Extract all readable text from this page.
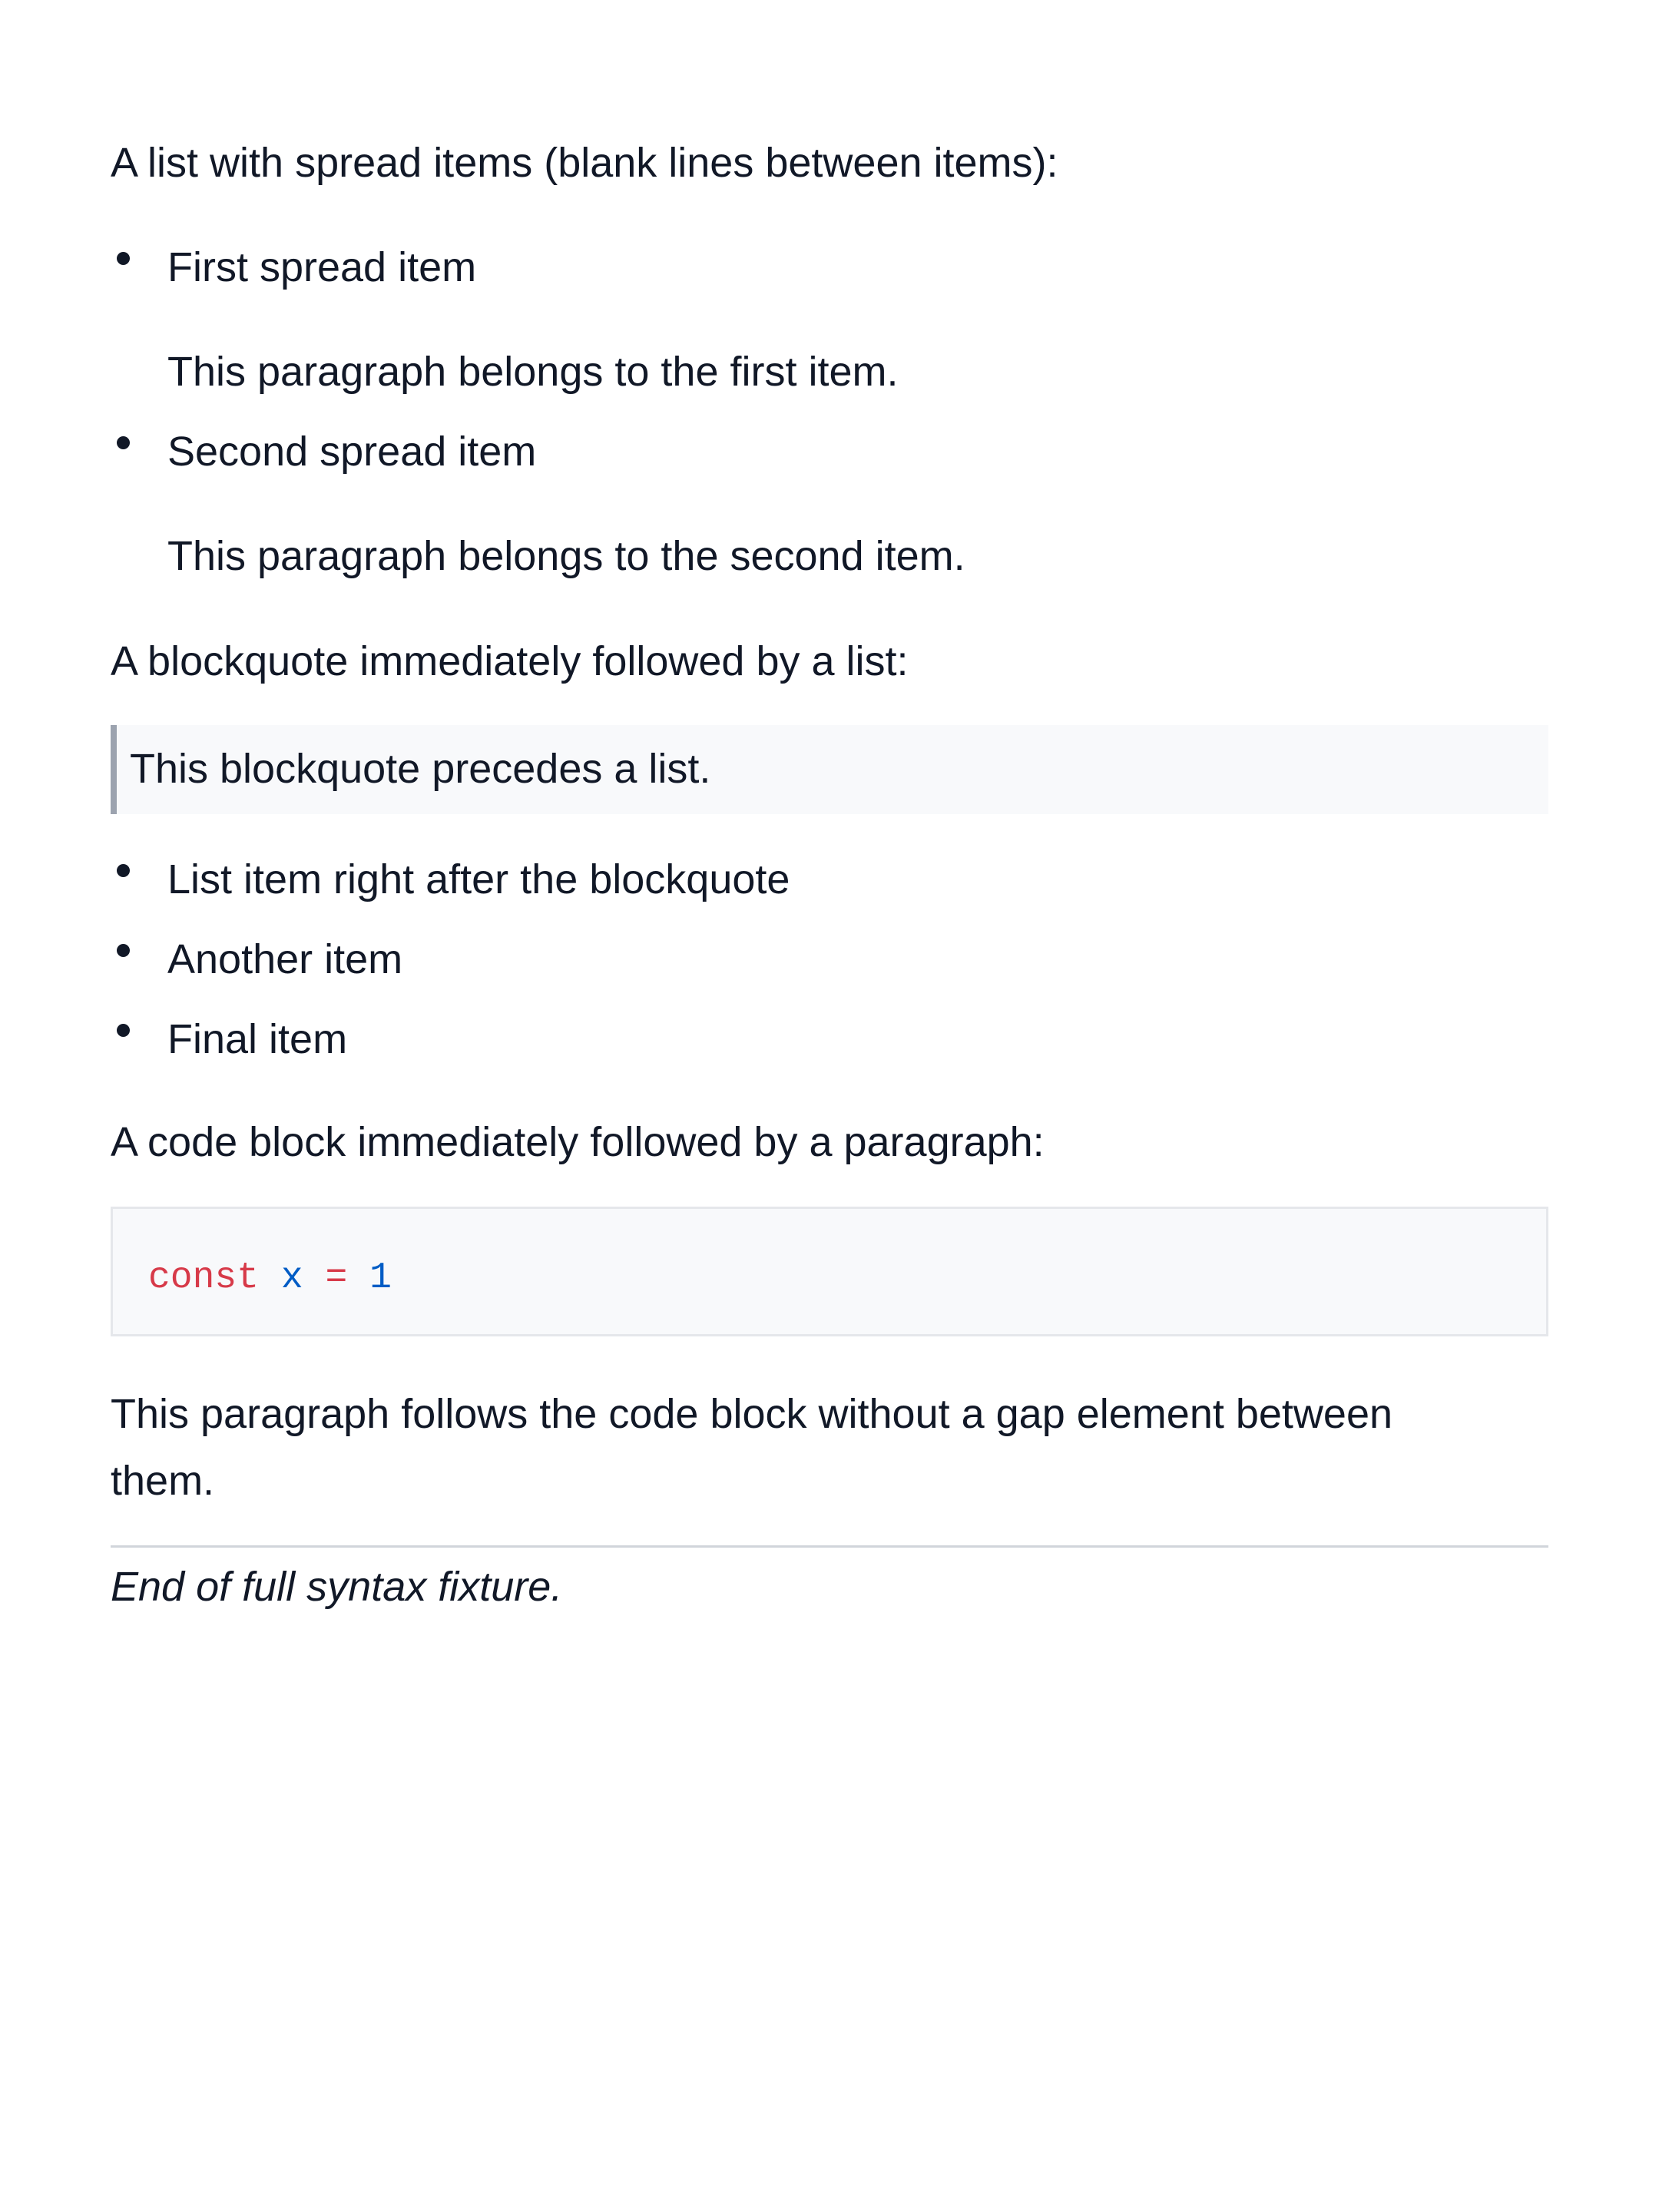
A list with spread items (blank lines between items):
First spread item
This paragraph belongs to the first item.
Second spread item
This paragraph belongs to the second item.
A blockquote immediately followed by a list:
This blockquote precedes a list.
List item right after the blockquote
Another item
Final item
A code block immediately followed by a paragraph:
const x = 1
This paragraph follows the code block without a gap element between
them.
End of full syntax fixture.
